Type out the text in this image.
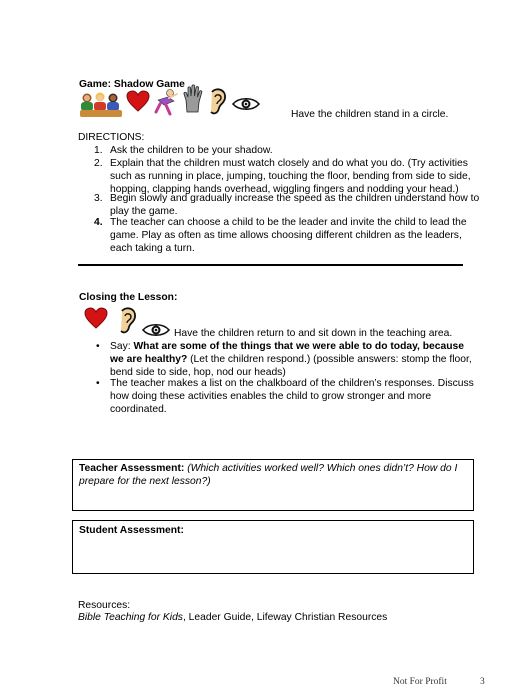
Game: Shadow Game
Have the children stand in a circle.
DIRECTIONS:
1. Ask the children to be your shadow.
2. Explain that the children must watch closely and do what you do. (Try activities
such as running in place, jumping, touching the floor, bending from side to side,
hopping, clapping hands overhead, wiggling fingers and nodding your head.)
3. Begin slowly and gradually increase the speed as the children understand how to
play the game.
4. The teacher can choose a child to be the leader and invite the child to lead the
game. Play as often as time allows choosing different children as the leaders,
each taking a turn.
Closing the Lesson:
Have the children return to and sit down in the teaching area.
• Say: What are some of the things that we were able to do today, because
we are healthy? (Let the children respond.) (possible answers: stomp the floor,
bend side to side, hop, nod our heads)
• The teacher makes a list on the chalkboard of the children’s responses. Discuss
how doing these activities enables the child to grow stronger and more
coordinated.
Teacher Assessment: (Which activities worked well? Which ones didn’t? How do I
prepare for the next lesson?)
Student Assessment:
Resources:
Bible Teaching for Kids, Leader Guide, Lifeway Christian Resources
Not For Profit	3
